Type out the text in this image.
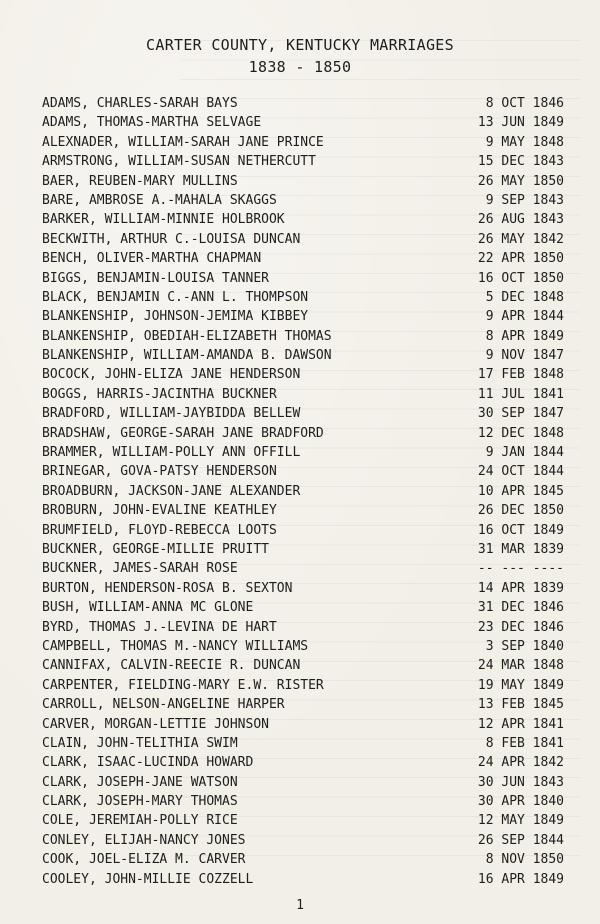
CARTER COUNTY, KENTUCKY MARRIAGES
1838 - 1850
ADAMS, CHARLES-SARAH BAYS	8 OCT 1846
ADAMS, THOMAS-MARTHA SELVAGE	13 JUN 1849
ALEXNADER, WILLIAM-SARAH JANE PRINCE	9 MAY 1848
ARMSTRONG, WILLIAM-SUSAN NETHERCUTT	15 DEC 1843
BAER, REUBEN-MARY MULLINS	26 MAY 1850
BARE, AMBROSE A.-MAHALA SKAGGS	9 SEP 1843
BARKER, WILLIAM-MINNIE HOLBROOK	26 AUG 1843
BECKWITH, ARTHUR C.-LOUISA DUNCAN	26 MAY 1842
BENCH, OLIVER-MARTHA CHAPMAN	22 APR 1850
BIGGS, BENJAMIN-LOUISA TANNER	16 OCT 1850
BLACK, BENJAMIN C.-ANN L. THOMPSON	5 DEC 1848
BLANKENSHIP, JOHNSON-JEMIMA KIBBEY	9 APR 1844
BLANKENSHIP, OBEDIAH-ELIZABETH THOMAS	8 APR 1849
BLANKENSHIP, WILLIAM-AMANDA B. DAWSON	9 NOV 1847
BOCOCK, JOHN-ELIZA JANE HENDERSON	17 FEB 1848
BOGGS, HARRIS-JACINTHA BUCKNER	11 JUL 1841
BRADFORD, WILLIAM-JAYBIDDA BELLEW	30 SEP 1847
BRADSHAW, GEORGE-SARAH JANE BRADFORD	12 DEC 1848
BRAMMER, WILLIAM-POLLY ANN OFFILL	9 JAN 1844
BRINEGAR, GOVA-PATSY HENDERSON	24 OCT 1844
BROADBURN, JACKSON-JANE ALEXANDER	10 APR 1845
BROBURN, JOHN-EVALINE KEATHLEY	26 DEC 1850
BRUMFIELD, FLOYD-REBECCA LOOTS	16 OCT 1849
BUCKNER, GEORGE-MILLIE PRUITT	31 MAR 1839
BUCKNER, JAMES-SARAH ROSE	-- --- ----
BURTON, HENDERSON-ROSA B. SEXTON	14 APR 1839
BUSH, WILLIAM-ANNA MC GLONE	31 DEC 1846
BYRD, THOMAS J.-LEVINA DE HART	23 DEC 1846
CAMPBELL, THOMAS M.-NANCY WILLIAMS	3 SEP 1840
CANNIFAX, CALVIN-REECIE R. DUNCAN	24 MAR 1848
CARPENTER, FIELDING-MARY E.W. RISTER	19 MAY 1849
CARROLL, NELSON-ANGELINE HARPER	13 FEB 1845
CARVER, MORGAN-LETTIE JOHNSON	12 APR 1841
CLAIN, JOHN-TELITHIA SWIM	8 FEB 1841
CLARK, ISAAC-LUCINDA HOWARD	24 APR 1842
CLARK, JOSEPH-JANE WATSON	30 JUN 1843
CLARK, JOSEPH-MARY THOMAS	30 APR 1840
COLE, JEREMIAH-POLLY RICE	12 MAY 1849
CONLEY, ELIJAH-NANCY JONES	26 SEP 1844
COOK, JOEL-ELIZA M. CARVER	8 NOV 1850
COOLEY, JOHN-MILLIE COZZELL	16 APR 1849
1
